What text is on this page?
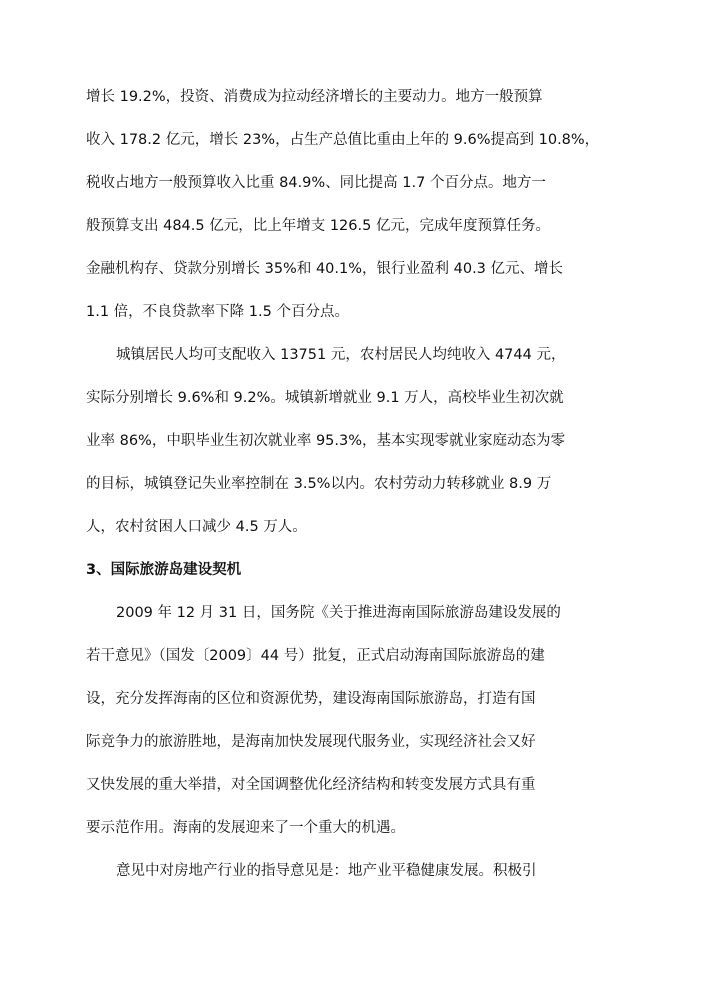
增长 19.2%，投资、消费成为拉动经济增长的主要动力。地方一般预算
收入 178.2 亿元，增长 23%，占生产总值比重由上年的 9.6%提高到 10.8%，
税收占地方一般预算收入比重 84.9%、同比提高 1.7 个百分点。地方一
般预算支出 484.5 亿元，比上年增支 126.5 亿元，完成年度预算任务。
金融机构存、贷款分别增长 35%和 40.1%，银行业盈利 40.3 亿元、增长
1.1 倍，不良贷款率下降 1.5 个百分点。
城镇居民人均可支配收入 13751 元，农村居民人均纯收入 4744 元，
实际分别增长 9.6%和 9.2%。城镇新增就业 9.1 万人，高校毕业生初次就
业率 86%，中职毕业生初次就业率 95.3%，基本实现零就业家庭动态为零
的目标，城镇登记失业率控制在 3.5%以内。农村劳动力转移就业 8.9 万
人，农村贫困人口减少 4.5 万人。
3、国际旅游岛建设契机
2009 年 12 月 31 日，国务院《关于推进海南国际旅游岛建设发展的
若干意见》（国发〔2009〕44 号）批复，正式启动海南国际旅游岛的建
设，充分发挥海南的区位和资源优势，建设海南国际旅游岛，打造有国
际竞争力的旅游胜地，是海南加快发展现代服务业，实现经济社会又好
又快发展的重大举措，对全国调整优化经济结构和转变发展方式具有重
要示范作用。海南的发展迎来了一个重大的机遇。
意见中对房地产行业的指导意见是：地产业平稳健康发展。积极引
